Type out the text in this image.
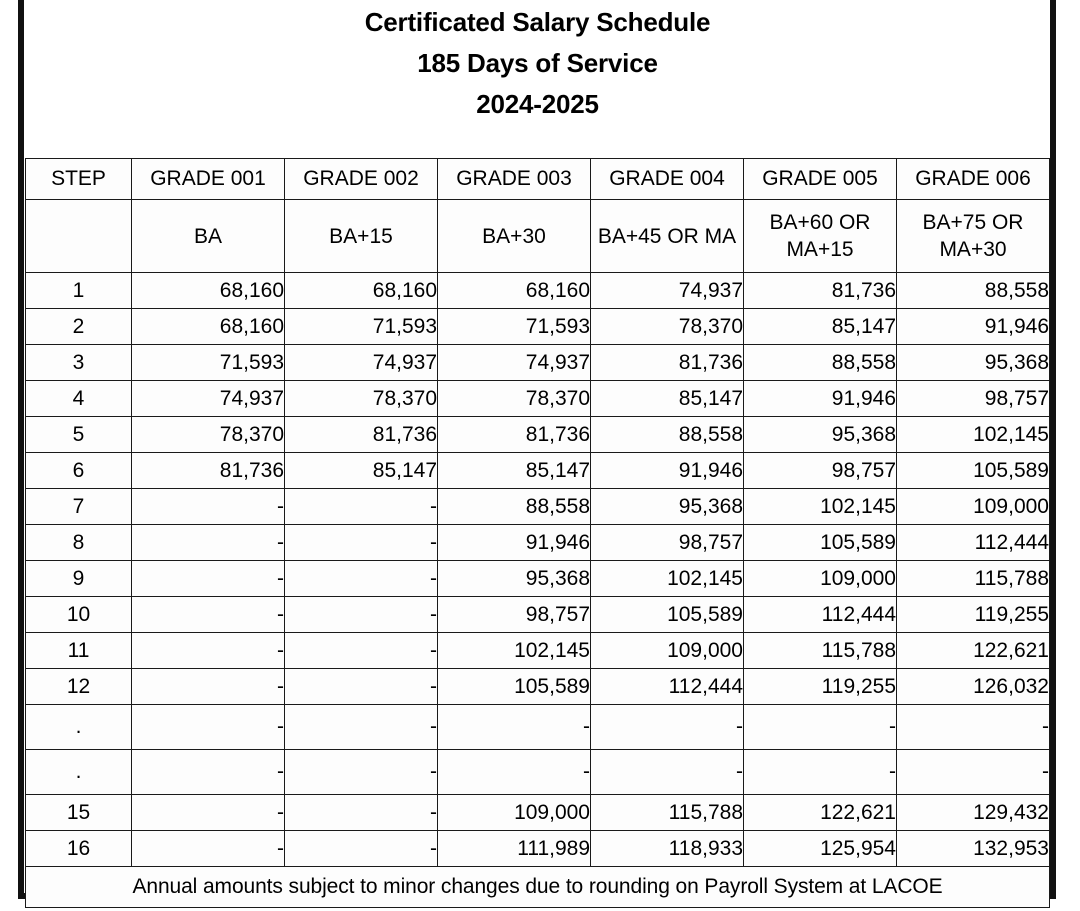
Certificated Salary Schedule
185 Days of Service
2024-2025
STEP	GRADE 001	GRADE 002	GRADE 003	GRADE 004	GRADE 005	GRADE 006
	BA	BA+15	BA+30	BA+45 OR MA	BA+60 OR MA+15	BA+75 OR MA+30
1	68,160	68,160	68,160	74,937	81,736	88,558
2	68,160	71,593	71,593	78,370	85,147	91,946
3	71,593	74,937	74,937	81,736	88,558	95,368
4	74,937	78,370	78,370	85,147	91,946	98,757
5	78,370	81,736	81,736	88,558	95,368	102,145
6	81,736	85,147	85,147	91,946	98,757	105,589
7	-	-	88,558	95,368	102,145	109,000
8	-	-	91,946	98,757	105,589	112,444
9	-	-	95,368	102,145	109,000	115,788
10	-	-	98,757	105,589	112,444	119,255
11	-	-	102,145	109,000	115,788	122,621
12	-	-	105,589	112,444	119,255	126,032
.	-	-	-	-	-	-
.	-	-	-	-	-	-
15	-	-	109,000	115,788	122,621	129,432
16	-	-	111,989	118,933	125,954	132,953
Annual amounts subject to minor changes due to rounding on Payroll System at LACOE						
